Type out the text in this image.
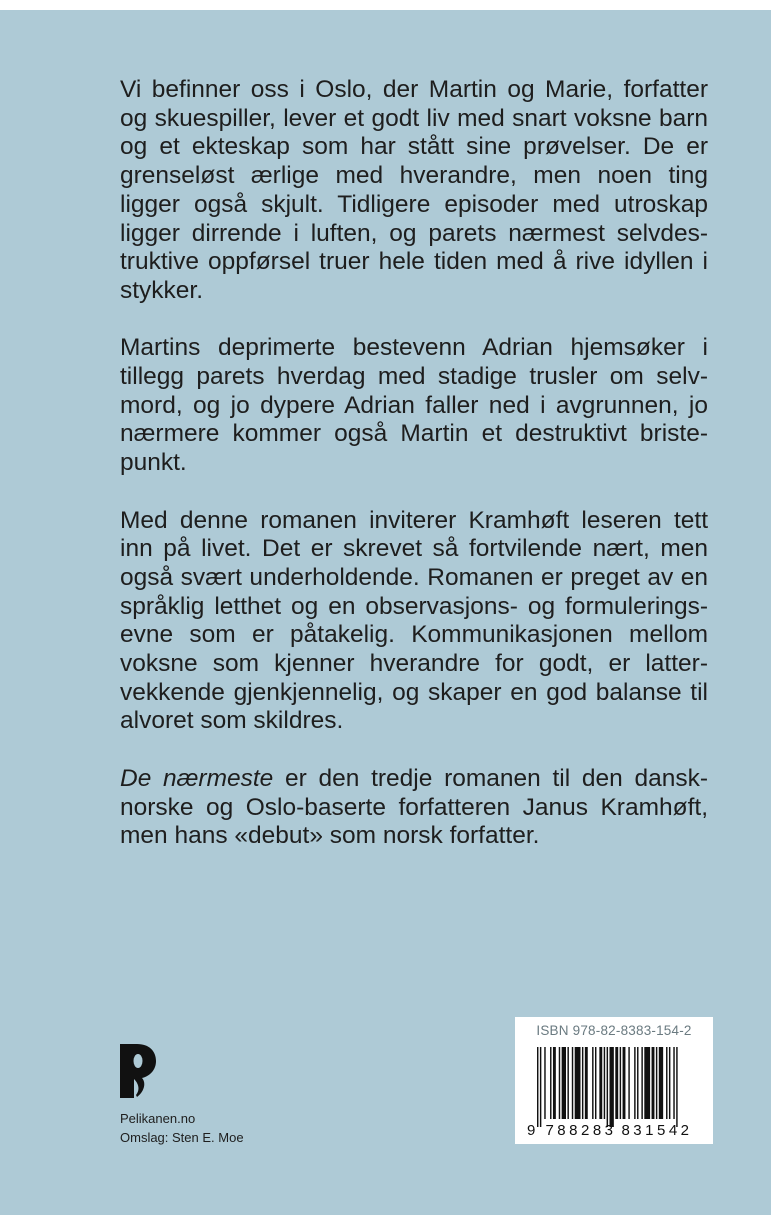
Vi befinner oss i Oslo, der Martin og Marie, forfatter og skuespiller, lever et godt liv med snart voksne barn og et ekteskap som har stått sine prøvelser. De er grenseløst ærlige med hverandre, men noen ting ligger også skjult. Tidligere episoder med utroskap ligger dirrende i luften, og parets nærmest selvdestruktive oppførsel truer hele tiden med å rive idyllen i stykker.

Martins deprimerte bestevenn Adrian hjemsøker i tillegg parets hverdag med stadige trusler om selvmord, og jo dypere Adrian faller ned i avgrunnen, jo nærmere kommer også Martin et destruktivt bristepunkt.

Med denne romanen inviterer Kramhøft leseren tett inn på livet. Det er skrevet så fortvilende nært, men også svært underholdende. Romanen er preget av en språklig letthet og en observasjons- og formuleringsevne som er påtakelig. Kommunikasjonen mellom voksne som kjenner hverandre for godt, er lattervekkende gjenkjennelig, og skaper en god balanse til alvoret som skildres.

De nærmeste er den tredje romanen til den dansk-norske og Oslo-baserte forfatteren Janus Kramhøft, men hans «debut» som norsk forfatter.

Pelikanen.no
Omslag: Sten E. Moe
ISBN 978-82-8383-154-2
9 788283 831542
